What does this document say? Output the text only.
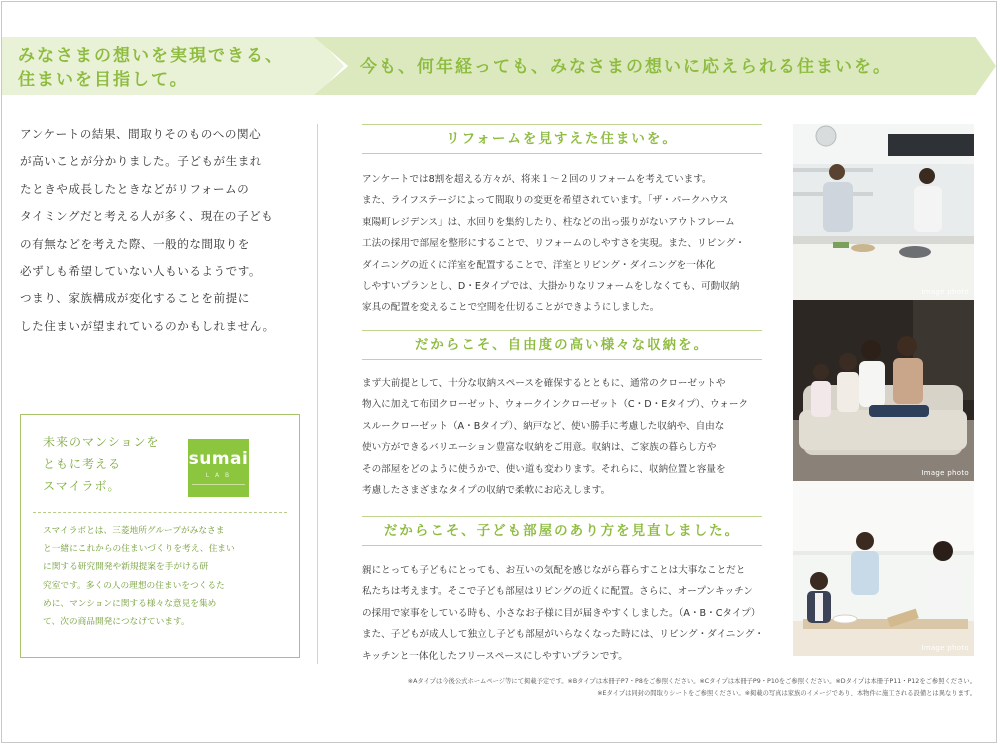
みなさまの想いを実現できる、
住まいを目指して。
今も、何年経っても、みなさまの想いに応えられる住まいを。
アンケートの結果、間取りそのものへの関心
が高いことが分かりました。子どもが生まれ
たときや成長したときなどがリフォームの
タイミングだと考える人が多く、現在の子ども
の有無などを考えた際、一般的な間取りを
必ずしも希望していない人もいるようです。
つまり、家族構成が変化することを前提に
した住まいが望まれているのかもしれません。
未来のマンションを
ともに考える
スマイラボ。
sumai
L A B
スマイラボとは、三菱地所グループがみなさま
と一緒にこれからの住まいづくりを考え、住まい
に関する研究開発や新規提案を手がける研
究室です。多くの人の理想の住まいをつくるた
めに、マンションに関する様々な意見を集め
て、次の商品開発につなげています。
リフォームを見すえた住まいを。
アンケートでは8割を超える方々が、将来１～２回のリフォームを考えています。
また、ライフステージによって間取りの変更を希望されています。「ザ・パークハウス
東陽町レジデンス」は、水回りを集約したり、柱などの出っ張りがないアウトフレーム
工法の採用で部屋を整形にすることで、リフォームのしやすさを実現。また、リビング・
ダイニングの近くに洋室を配置することで、洋室とリビング・ダイニングを一体化
しやすいプランとし、D・Eタイプでは、大掛かりなリフォームをしなくても、可動収納
家具の配置を変えることで空間を仕切ることができようにしました。
だからこそ、自由度の高い様々な収納を。
まず大前提として、十分な収納スペースを確保するとともに、通常のクローゼットや
物入に加えて布団クローゼット、ウォークインクローゼット（C・D・Eタイプ）、ウォーク
スルークローゼット（A・Bタイプ）、納戸など、使い勝手に考慮した収納や、自由な
使い方ができるバリエーション豊富な収納をご用意。収納は、ご家族の暮らし方や
その部屋をどのように使うかで、使い道も変わります。それらに、収納位置と容量を
考慮したさまざまなタイプの収納で柔軟にお応えします。
だからこそ、子ども部屋のあり方を見直しました。
親にとっても子どもにとっても、お互いの気配を感じながら暮らすことは大事なことだと
私たちは考えます。そこで子ども部屋はリビングの近くに配置。さらに、オープンキッチン
の採用で家事をしている時も、小さなお子様に目が届きやすくしました。（A・B・Cタイプ）
また、子どもが成人して独立し子ども部屋がいらなくなった時には、リビング・ダイニング・
キッチンと一体化したフリースペースにしやすいプランです。
Image photo
Image photo
Image photo
※Aタイプは今後公式ホームページ等にて掲載予定です。※Bタイプは本冊子P7・P8をご参照ください。※Cタイプは本冊子P9・P10をご参照ください。※Dタイプは本冊子P11・P12をご参照ください。
※Eタイプは同封の間取りシートをご参照ください。※掲載の写真は家族のイメージであり、本物件に施工される設備とは異なります。
